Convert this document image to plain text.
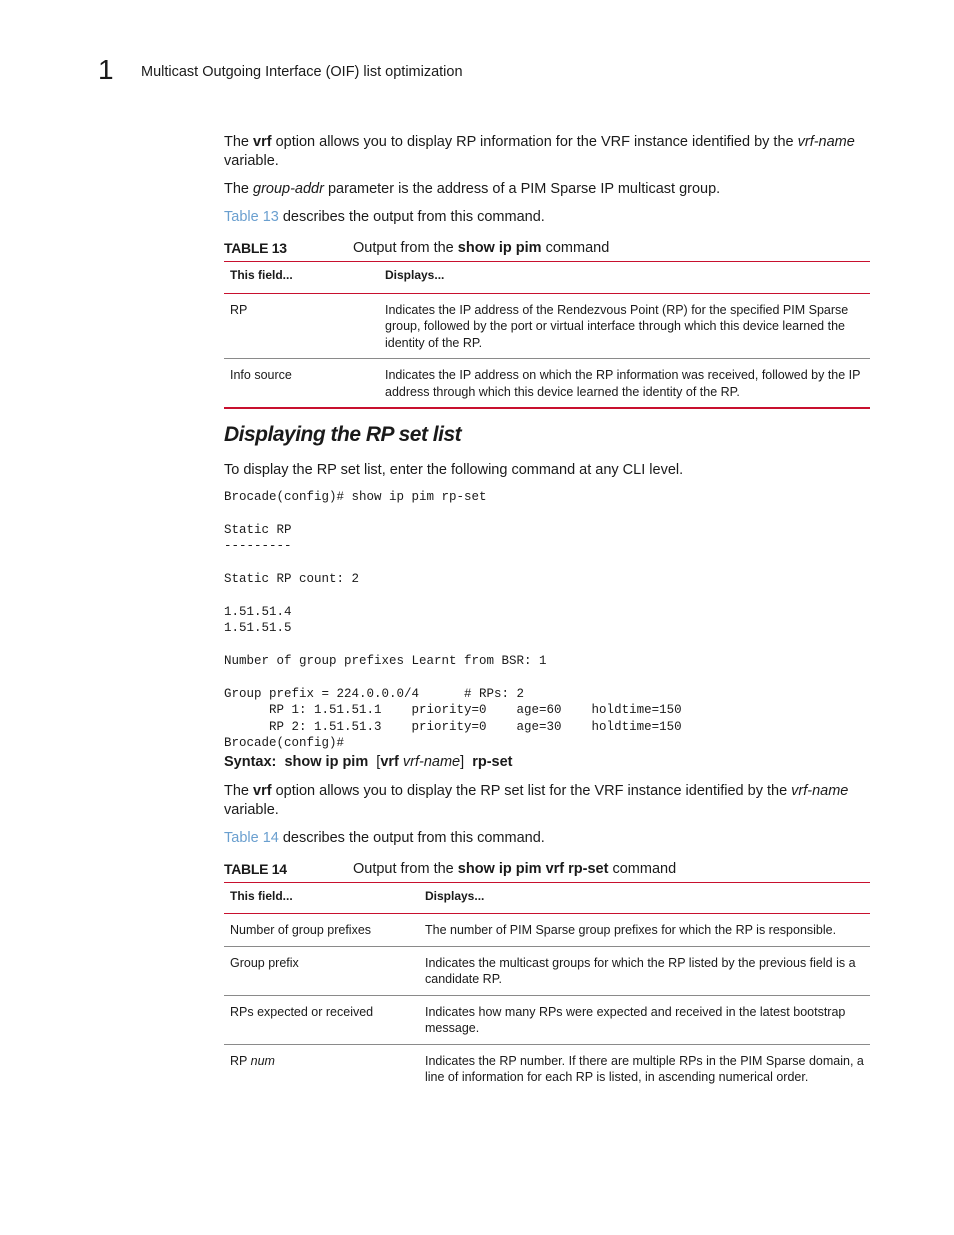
1 Multicast Outgoing Interface (OIF) list optimization

The vrf option allows you to display RP information for the VRF instance identified by the vrf-name
variable.

The group-addr parameter is the address of a PIM Sparse IP multicast group.

Table 13 describes the output from this command.

TABLE 13	Output from the show ip pim command
This field...	Displays...
RP	Indicates the IP address of the Rendezvous Point (RP) for the specified PIM Sparse group, followed by the port or virtual interface through which this device learned the identity of the RP.
Info source	Indicates the IP address on which the RP information was received, followed by the IP address through which this device learned the identity of the RP.
Displaying the RP set list

To display the RP set list, enter the following command at any CLI level.

Brocade(config)# show ip pim rp-set

Static RP
---------

Static RP count: 2

1.51.51.4
1.51.51.5

Number of group prefixes Learnt from BSR: 1

Group prefix = 224.0.0.0/4      # RPs: 2
RP 1: 1.51.51.1    priority=0    age=60    holdtime=150
RP 2: 1.51.51.3    priority=0    age=30    holdtime=150
Brocade(config)#
Syntax: show ip pim [vrf vrf-name] rp-set

The vrf option allows you to display the RP set list for the VRF instance identified by the vrf-name
variable.

Table 14 describes the output from this command.

TABLE 14	Output from the show ip pim vrf rp-set command
This field...	Displays...
Number of group prefixes	The number of PIM Sparse group prefixes for which the RP is responsible.
Group prefix	Indicates the multicast groups for which the RP listed by the previous field is a candidate RP.
RPs expected or received	Indicates how many RPs were expected and received in the latest bootstrap message.
RP num	Indicates the RP number. If there are multiple RPs in the PIM Sparse domain, a line of information for each RP is listed, in ascending numerical order.
